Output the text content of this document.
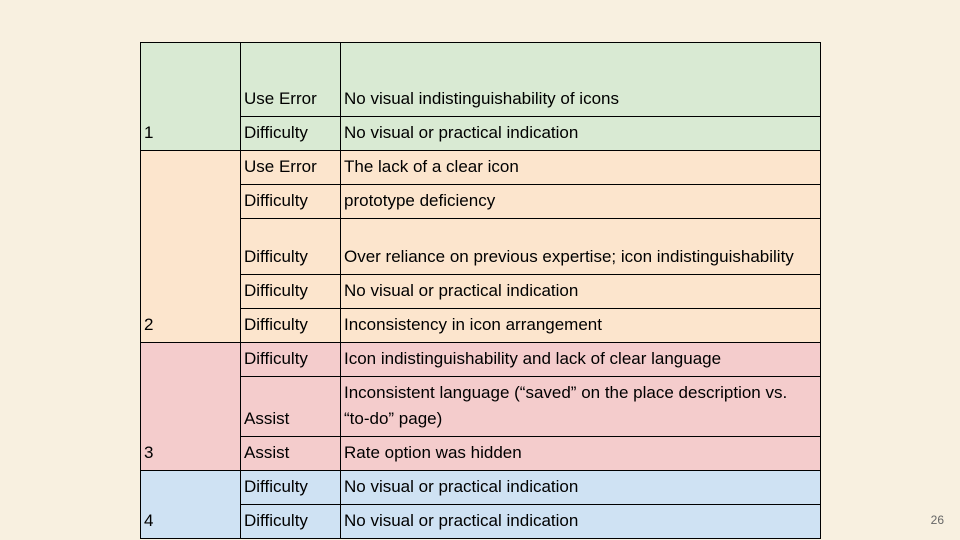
1	Use Error	No visual indistinguishability of icons
	Difficulty	No visual or practical indication
2	Use Error	The lack of a clear icon
	Difficulty	prototype deficiency
	Difficulty	Over reliance on previous expertise; icon indistinguishability
	Difficulty	No visual or practical indication
	Difficulty	Inconsistency in icon arrangement
3	Difficulty	Icon indistinguishability and lack of clear language
	Assist	Inconsistent language (“saved” on the place description vs. “to-do” page)
	Assist	Rate option was hidden
4	Difficulty	No visual or practical indication
	Difficulty	No visual or practical indication	26
